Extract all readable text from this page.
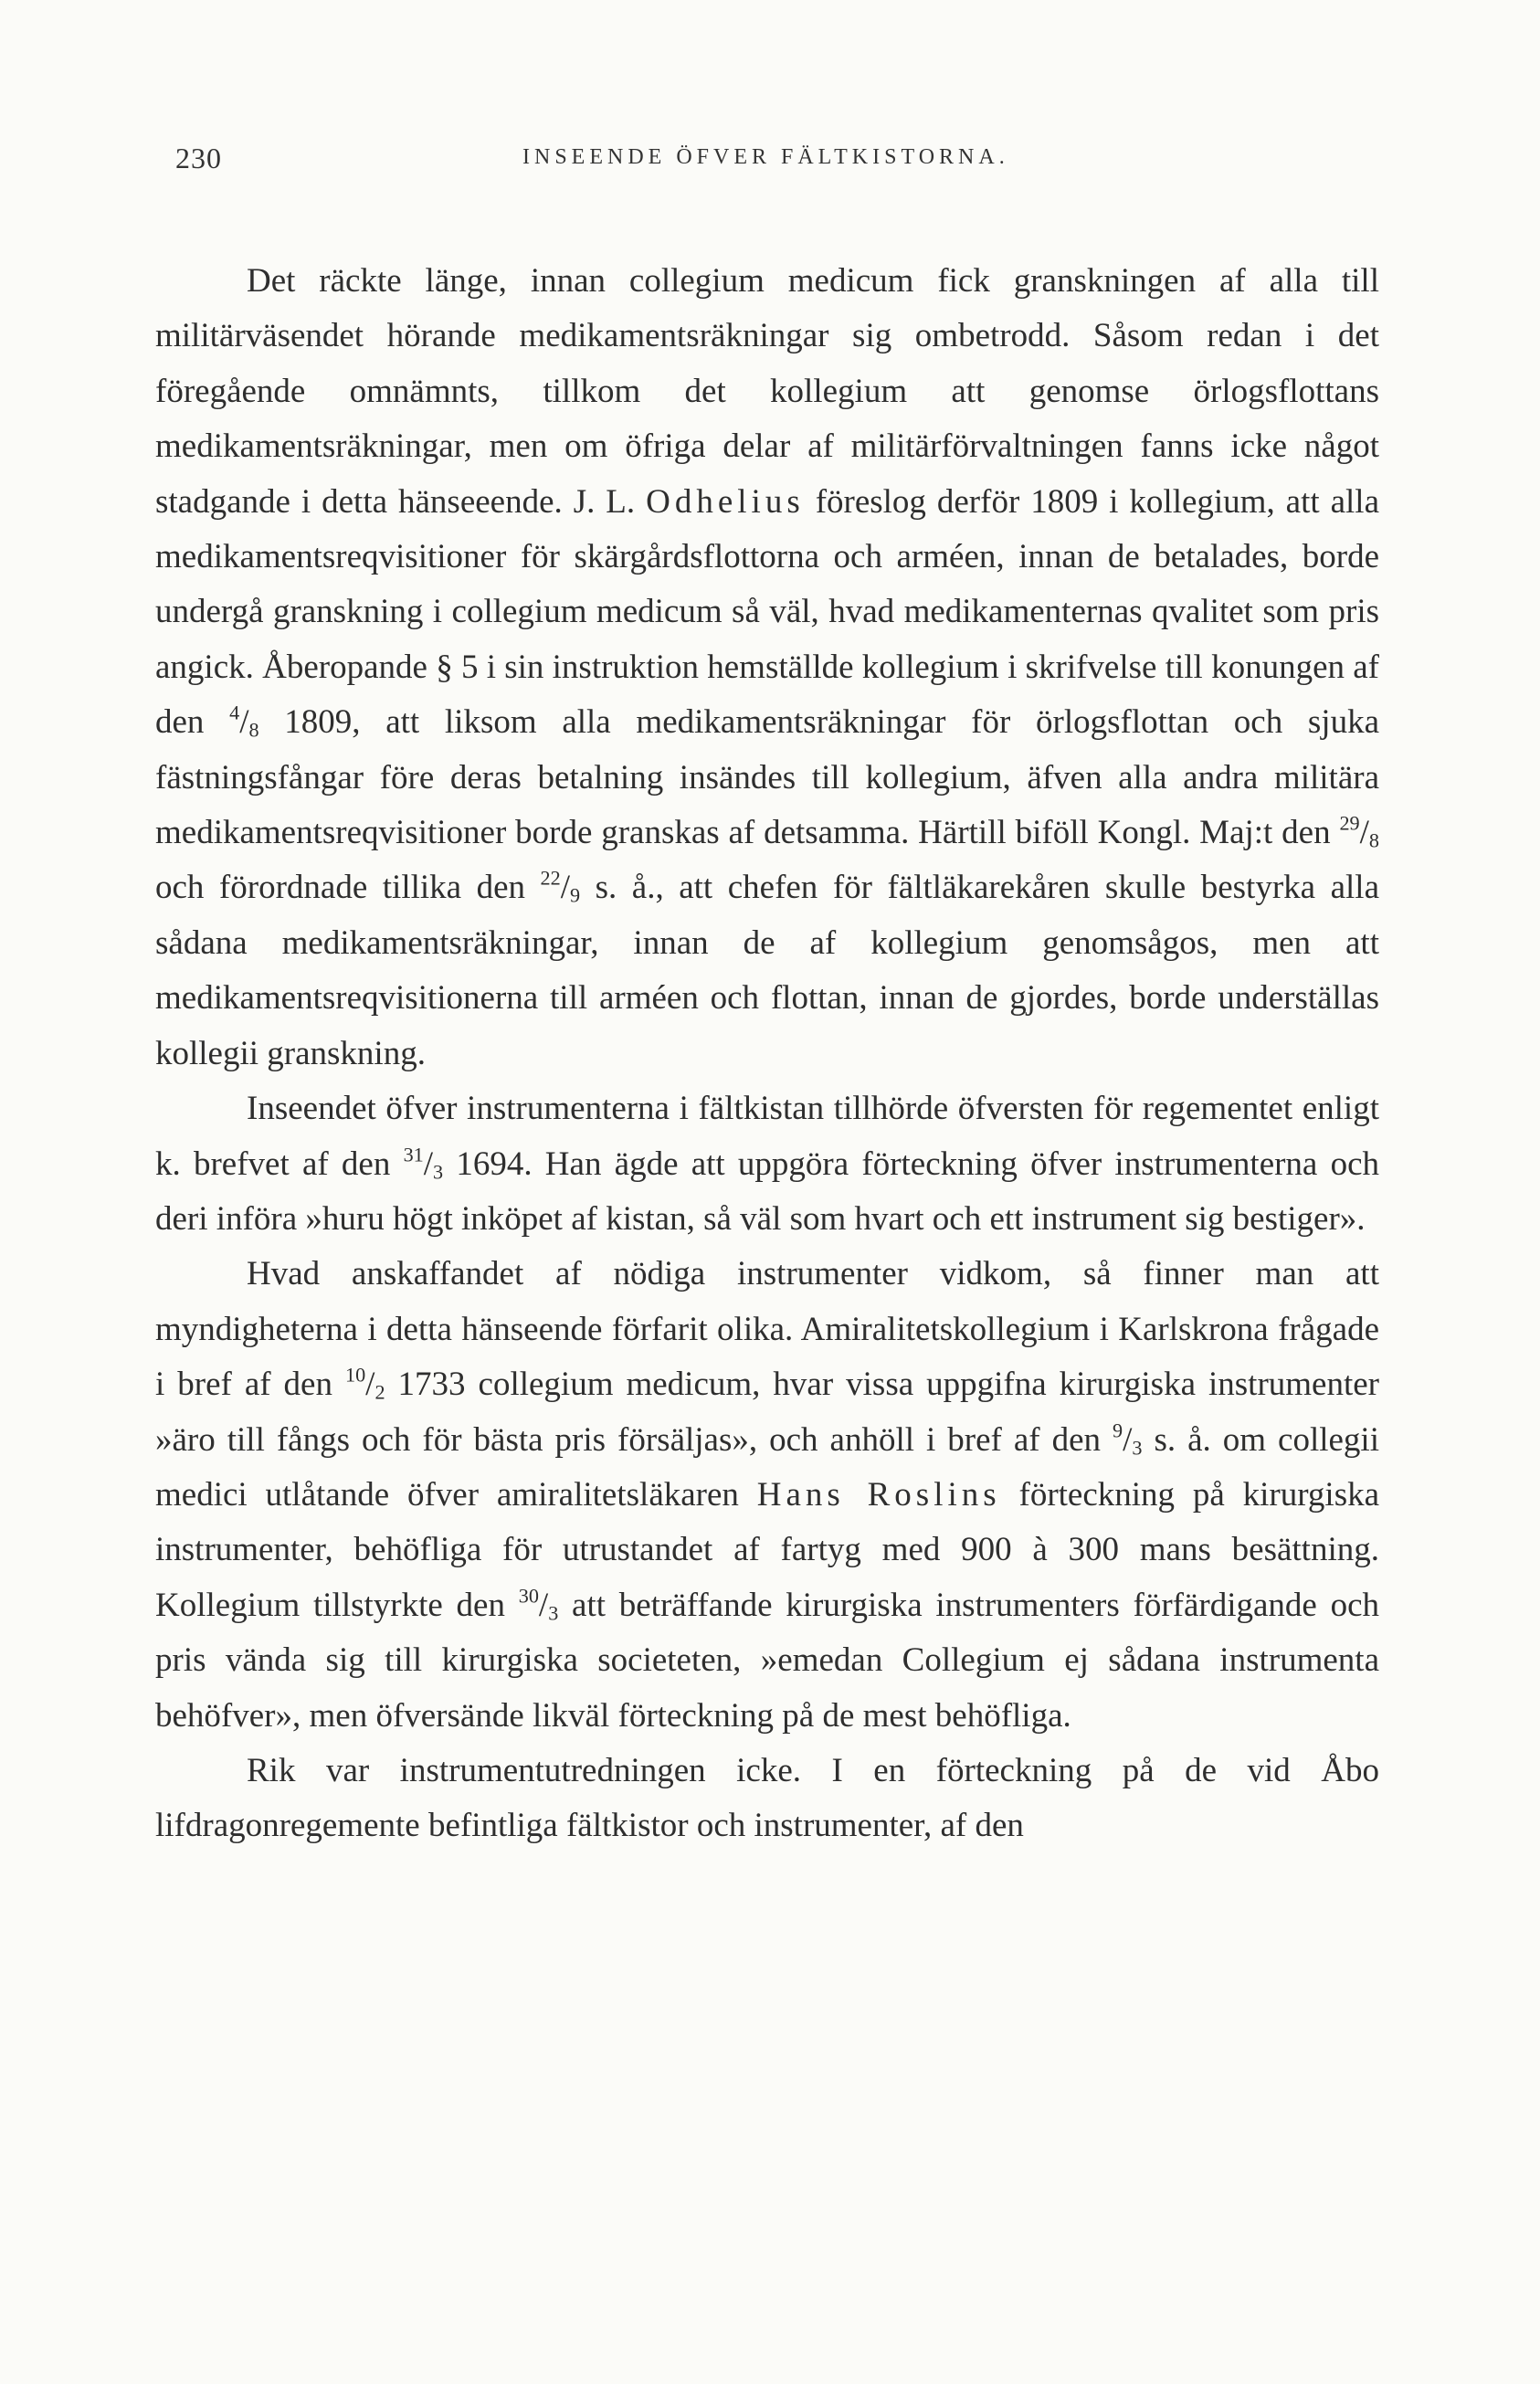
230	INSEENDE ÖFVER FÄLTKISTORNA.

Det räckte länge, innan collegium medicum fick granskningen af alla till militärväsendet hörande medikamentsräkningar sig ombetrodd. Såsom redan i det föregående omnämnts, tillkom det kollegium att genomse örlogsflottans medikamentsräkningar, men om öfriga delar af militärförvaltningen fanns icke något stadgande i detta hänseeende. J. L. Odhelius föreslog derför 1809 i kollegium, att alla medikamentsreqvisitioner för skärgårdsflottorna och arméen, innan de betalades, borde undergå granskning i collegium medicum så väl, hvad medikamenternas qvalitet som pris angick. Åberopande § 5 i sin instruktion hemställde kollegium i skrifvelse till konungen af den $^4/_8$ 1809, att liksom alla medikamentsräkningar för örlogsflottan och sjuka fästningsfångar före deras betalning insändes till kollegium, äfven alla andra militära medikamentsreqvisitioner borde granskas af detsamma. Härtill biföll Kongl. Maj:t den $^{29}/_8$ och förordnade tillika den $^{22}/_9$ s. å., att chefen för fältläkarekåren skulle bestyrka alla sådana medikamentsräkningar, innan de af kollegium genomsågos, men att medikamentsreqvisitionerna till arméen och flottan, innan de gjordes, borde underställas kollegii granskning.

Inseendet öfver instrumenterna i fältkistan tillhörde öfversten för regementet enligt k. brefvet af den $^{31}/_3$ 1694. Han ägde att uppgöra förteckning öfver instrumenterna och deri införa »huru högt inköpet af kistan, så väl som hvart och ett instrument sig bestiger».

Hvad anskaffandet af nödiga instrumenter vidkom, så finner man att myndigheterna i detta hänseende förfarit olika. Amiralitetskollegium i Karlskrona frågade i bref af den $^{10}/_2$ 1733 collegium medicum, hvar vissa uppgifna kirurgiska instrumenter »äro till fångs och för bästa pris försäljas», och anhöll i bref af den $^9/_3$ s. å. om collegii medici utlåtande öfver amiralitetsläkaren Hans Roslins förteckning på kirurgiska instrumenter, behöfliga för utrustandet af fartyg med 900 à 300 mans besättning. Kollegium tillstyrkte den $^{30}/_3$ att beträffande kirurgiska instrumenters förfärdigande och pris vända sig till kirurgiska societeten, »emedan Collegium ej sådana instrumenta behöfver», men öfversände likväl förteckning på de mest behöfliga.

Rik var instrumentutredningen icke. I en förteckning på de vid Åbo lifdragonregemente befintliga fältkistor och instrumenter, af den
